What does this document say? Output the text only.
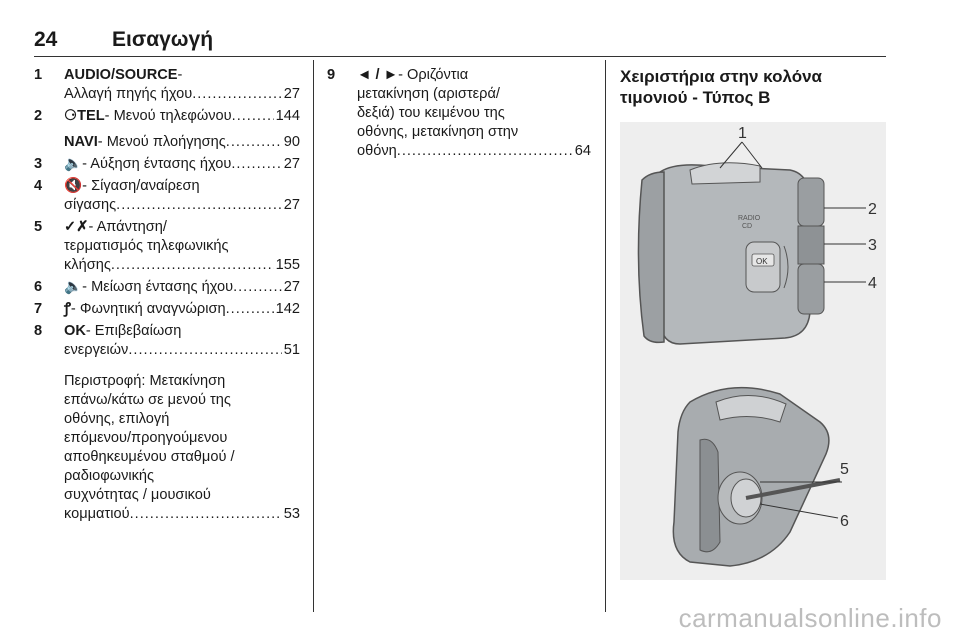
24	Εισαγωγή
1 AUDIO/SOURCE -
Αλλαγή πηγής ήχου .....	27
2 ⚆ TEL - Μενού τηλεφώνου .....	144
NAVI - Μενού πλοήγησης .....	90
3 🔈 - Αύξηση έντασης ήχου .....	27
4 🔇 - Σίγαση/αναίρεση
σίγασης .....	27
5 ✓✗ - Απάντηση/
τερματισμός τηλεφωνικής
κλήσης .....	155
6 🔈 - Μείωση έντασης ήχου .....	27
7 ꝭ - Φωνητική αναγνώριση .....	142
8 OK - Επιβεβαίωση
ενεργειών .....	51
Περιστροφή: Μετακίνηση
επάνω/κάτω σε μενού της
οθόνης, επιλογή
επόμενου/προηγούμενου
αποθηκευμένου σταθμού /
ραδιοφωνικής
συχνότητας / μουσικού
κομματιού .....	53
9 ◄ / ► - Οριζόντια
μετακίνηση (αριστερά/
δεξιά) του κειμένου της
οθόνης, μετακίνηση στην
οθόνη .....	64
Χειριστήρια στην κολόνα τιμονιού - Τύπος B
RADIO
CD
OK
1
2
3
4
5
6
carmanualsonline.info
